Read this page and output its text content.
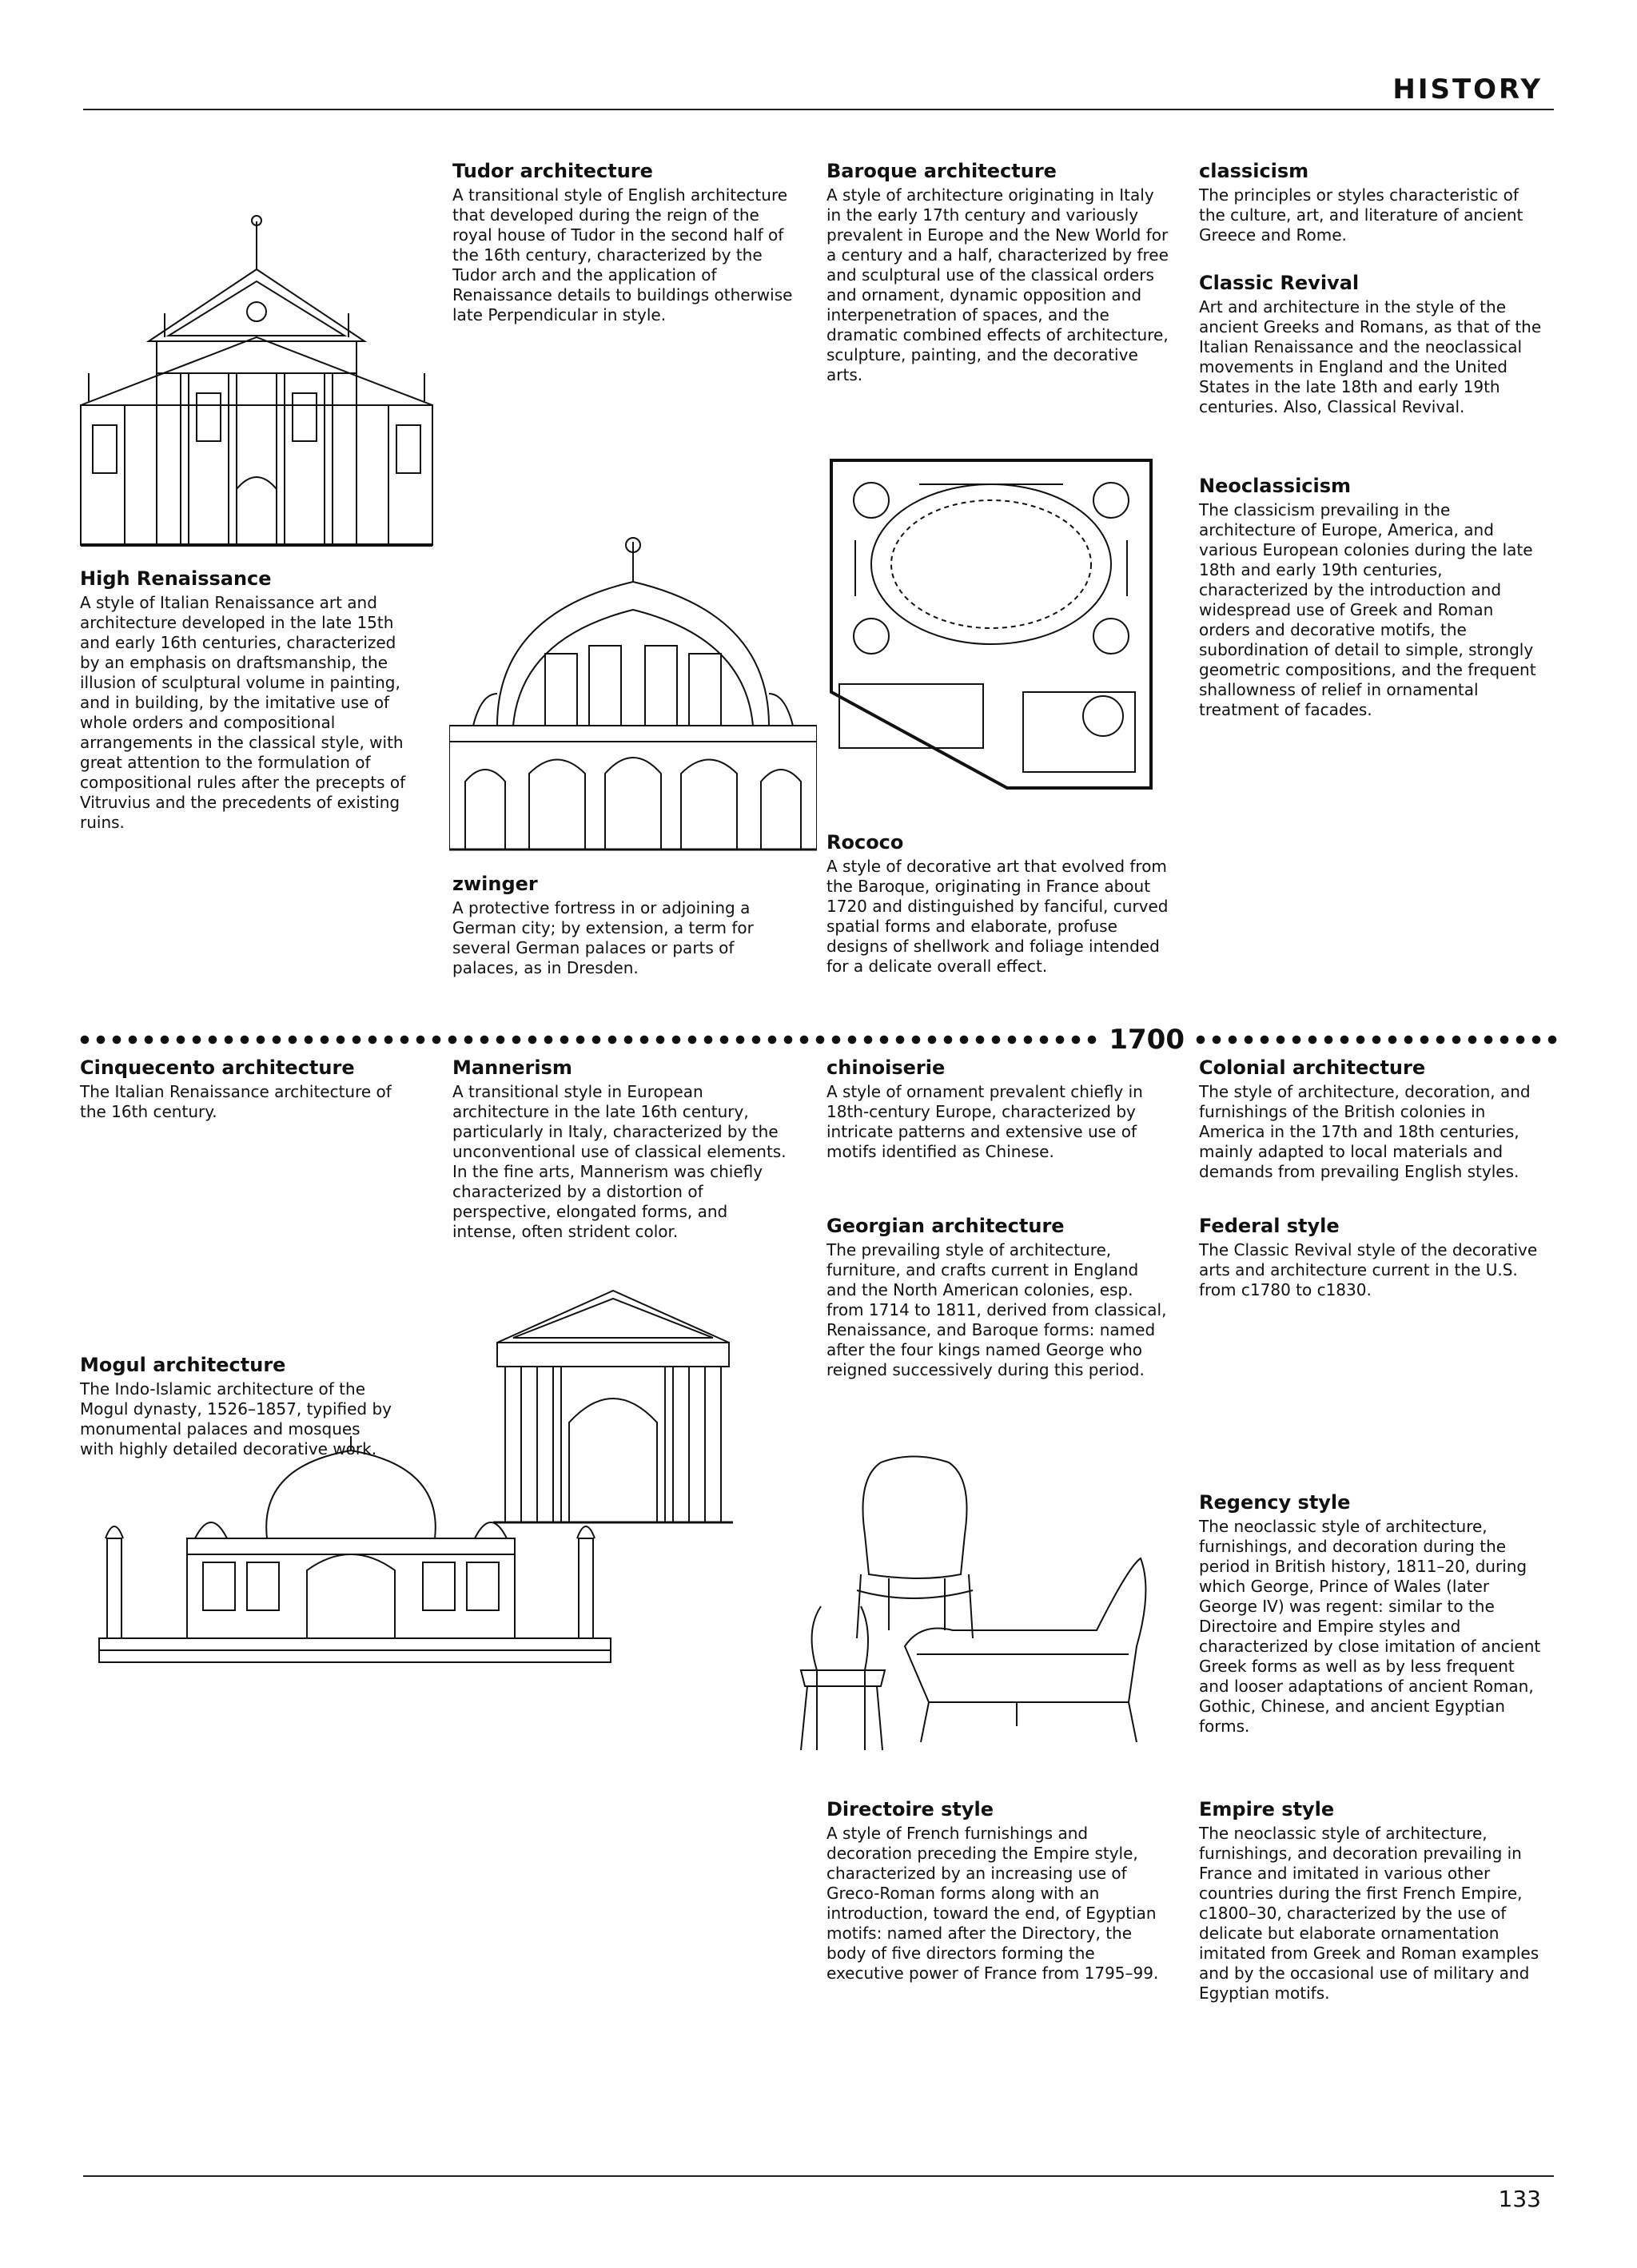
HISTORY
High Renaissance

A style of Italian Renaissance art and architecture developed in the late 15th and early 16th centuries, characterized by an emphasis on draftsmanship, the illusion of sculptural volume in painting, and in building, by the imitative use of whole orders and compositional arrangements in the classical style, with great attention to the formulation of compositional rules after the precepts of Vitruvius and the precedents of existing ruins.

Cinquecento architecture

The Italian Renaissance architecture of the 16th century.

Mogul architecture

The Indo-Islamic architecture of the Mogul dynasty, 1526–1857, typified by monumental palaces and mosques with highly detailed decorative work.

Tudor architecture

A transitional style of English architecture that developed during the reign of the royal house of Tudor in the second half of the 16th century, characterized by the Tudor arch and the application of Renaissance details to buildings otherwise late Perpendicular in style.

zwinger

A protective fortress in or adjoining a German city; by extension, a term for several German palaces or parts of palaces, as in Dresden.

Mannerism

A transitional style in European architecture in the late 16th century, particularly in Italy, characterized by the unconventional use of classical elements. In the fine arts, Mannerism was chiefly characterized by a distortion of perspective, elongated forms, and intense, often strident color.

Baroque architecture

A style of architecture originating in Italy in the early 17th century and variously prevalent in Europe and the New World for a century and a half, characterized by free and sculptural use of the classical orders and ornament, dynamic opposition and interpenetration of spaces, and the dramatic combined effects of architecture, sculpture, painting, and the decorative arts.

Rococo

A style of decorative art that evolved from the Baroque, originating in France about 1720 and distinguished by fanciful, curved spatial forms and elaborate, profuse designs of shellwork and foliage intended for a delicate overall effect.

chinoiserie

A style of ornament prevalent chiefly in 18th-century Europe, characterized by intricate patterns and extensive use of motifs identified as Chinese.

Georgian architecture

The prevailing style of architecture, furniture, and crafts current in England and the North American colonies, esp. from 1714 to 1811, derived from classical, Renaissance, and Baroque forms: named after the four kings named George who reigned successively during this period.

Directoire style

A style of French furnishings and decoration preceding the Empire style, characterized by an increasing use of Greco-Roman forms along with an introduction, toward the end, of Egyptian motifs: named after the Directory, the body of five directors forming the executive power of France from 1795–99.

classicism

The principles or styles characteristic of the culture, art, and literature of ancient Greece and Rome.

Classic Revival

Art and architecture in the style of the ancient Greeks and Romans, as that of the Italian Renaissance and the neoclassical movements in England and the United States in the late 18th and early 19th centuries. Also, Classical Revival.

Neoclassicism

The classicism prevailing in the architecture of Europe, America, and various European colonies during the late 18th and early 19th centuries, characterized by the introduction and widespread use of Greek and Roman orders and decorative motifs, the subordination of detail to simple, strongly geometric compositions, and the frequent shallowness of relief in ornamental treatment of facades.

Colonial architecture

The style of architecture, decoration, and furnishings of the British colonies in America in the 17th and 18th centuries, mainly adapted to local materials and demands from prevailing English styles.

Federal style

The Classic Revival style of the decorative arts and architecture current in the U.S. from c1780 to c1830.

Regency style

The neoclassic style of architecture, furnishings, and decoration during the period in British history, 1811–20, during which George, Prince of Wales (later George IV) was regent: similar to the Directoire and Empire styles and characterized by close imitation of ancient Greek forms as well as by less frequent and looser adaptations of ancient Roman, Gothic, Chinese, and ancient Egyptian forms.

Empire style

The neoclassic style of architecture, furnishings, and decoration prevailing in France and imitated in various other countries during the first French Empire, c1800–30, characterized by the use of delicate but elaborate ornamentation imitated from Greek and Roman examples and by the occasional use of military and Egyptian motifs.

1700
133
